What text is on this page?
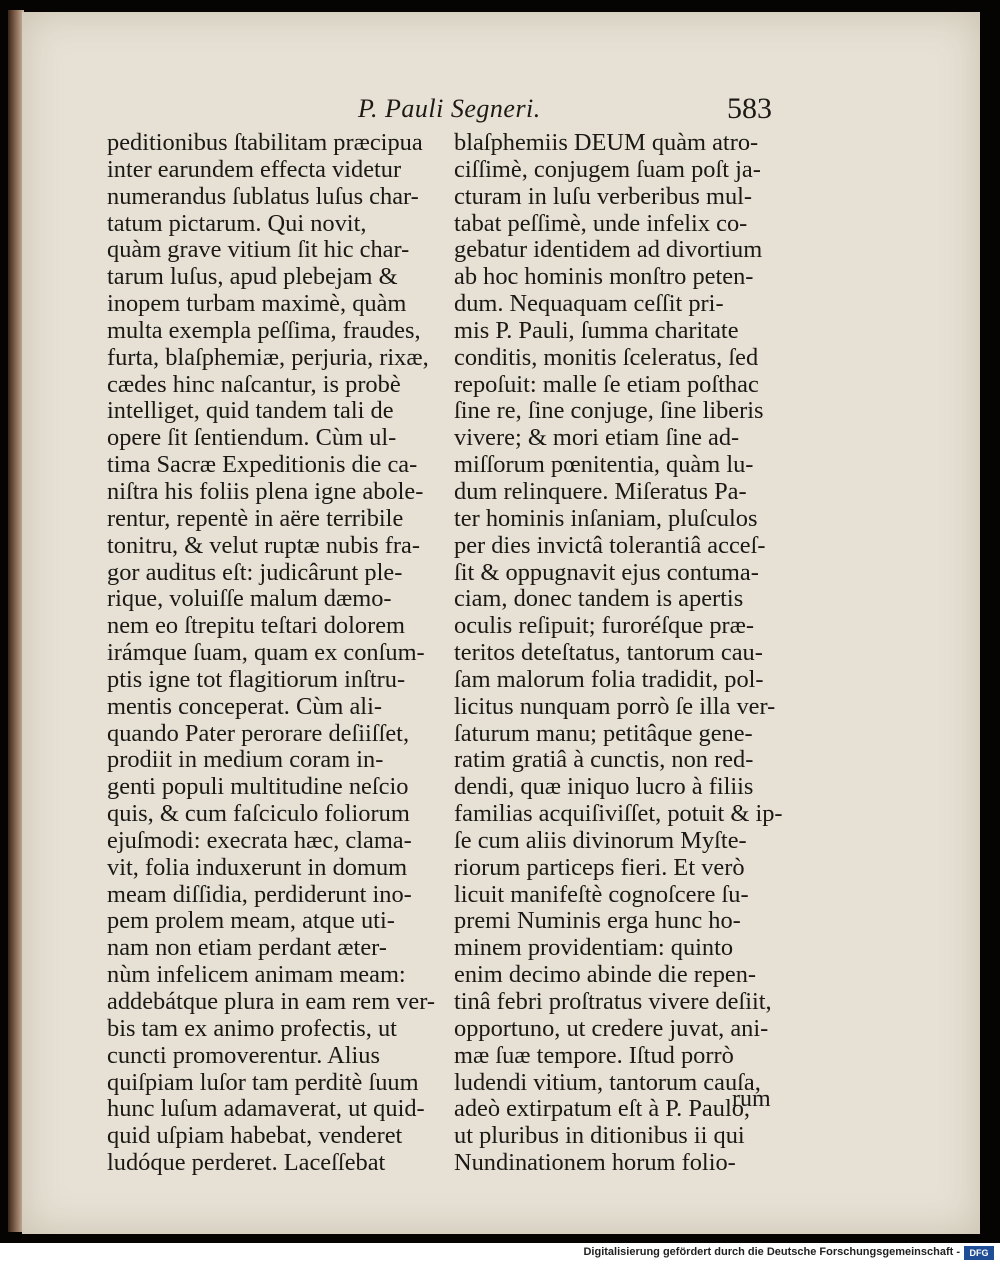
P. Pauli Segneri.	583
peditionibus ſtabilitam præcipua
inter earundem effecta videtur
numerandus ſublatus luſus char-
tatum pictarum. Qui novit,
quàm grave vitium ſit hic char-
tarum luſus, apud plebejam &
inopem turbam maximè, quàm
multa exempla peſſima, fraudes,
furta, blaſphemiæ, perjuria, rixæ,
cædes hinc naſcantur, is probè
intelliget, quid tandem tali de
opere ſit ſentiendum. Cùm ul-
tima Sacræ Expeditionis die ca-
niſtra his foliis plena igne abole-
rentur, repentè in aëre terribile
tonitru, & velut ruptæ nubis fra-
gor auditus eſt: judicârunt ple-
rique, voluiſſe malum dæmo-
nem eo ſtrepitu teſtari dolorem
irámque ſuam, quam ex conſum-
ptis igne tot flagitiorum inſtru-
mentis conceperat. Cùm ali-
quando Pater perorare deſiiſſet,
prodiit in medium coram in-
genti populi multitudine neſcio
quis, & cum faſciculo foliorum
ejuſmodi: execrata hæc, clama-
vit, folia induxerunt in domum
meam diſſidia, perdiderunt ino-
pem prolem meam, atque uti-
nam non etiam perdant æter-
nùm infelicem animam meam:
addebátque plura in eam rem ver-
bis tam ex animo profectis, ut
cuncti promoverentur. Alius
quiſpiam luſor tam perditè ſuum
hunc luſum adamaverat, ut quid-
quid uſpiam habebat, venderet
ludóque perderet. Laceſſebat
blaſphemiis DEUM quàm atro-
ciſſimè, conjugem ſuam poſt ja-
cturam in luſu verberibus mul-
tabat peſſimè, unde infelix co-
gebatur identidem ad divortium
ab hoc hominis monſtro peten-
dum. Nequaquam ceſſit pri-
mis P. Pauli, ſumma charitate
conditis, monitis ſceleratus, ſed
repoſuit: malle ſe etiam poſthac
ſine re, ſine conjuge, ſine liberis
vivere; & mori etiam ſine ad-
miſſorum pœnitentia, quàm lu-
dum relinquere. Miſeratus Pa-
ter hominis inſaniam, pluſculos
per dies invictâ tolerantiâ acceſ-
ſit & oppugnavit ejus contuma-
ciam, donec tandem is apertis
oculis reſipuit; furoréſque præ-
teritos deteſtatus, tantorum cau-
ſam malorum folia tradidit, pol-
licitus nunquam porrò ſe illa ver-
ſaturum manu; petitâque gene-
ratim gratiâ à cunctis, non red-
dendi, quæ iniquo lucro à filiis
familias acquiſiviſſet, potuit & ip-
ſe cum aliis divinorum Myſte-
riorum particeps fieri. Et verò
licuit manifeſtè cognoſcere ſu-
premi Numinis erga hunc ho-
minem providentiam: quinto
enim decimo abinde die repen-
tinâ febri proſtratus vivere deſiit,
opportuno, ut credere juvat, ani-
mæ ſuæ tempore. Iſtud porrò
ludendi vitium, tantorum cauſa,
adeò extirpatum eſt à P. Paulo,
ut pluribus in ditionibus ii qui
Nundinationem horum folio-
rum
Digitalisierung gefördert durch die Deutsche Forschungsgemeinschaft -	DFG
